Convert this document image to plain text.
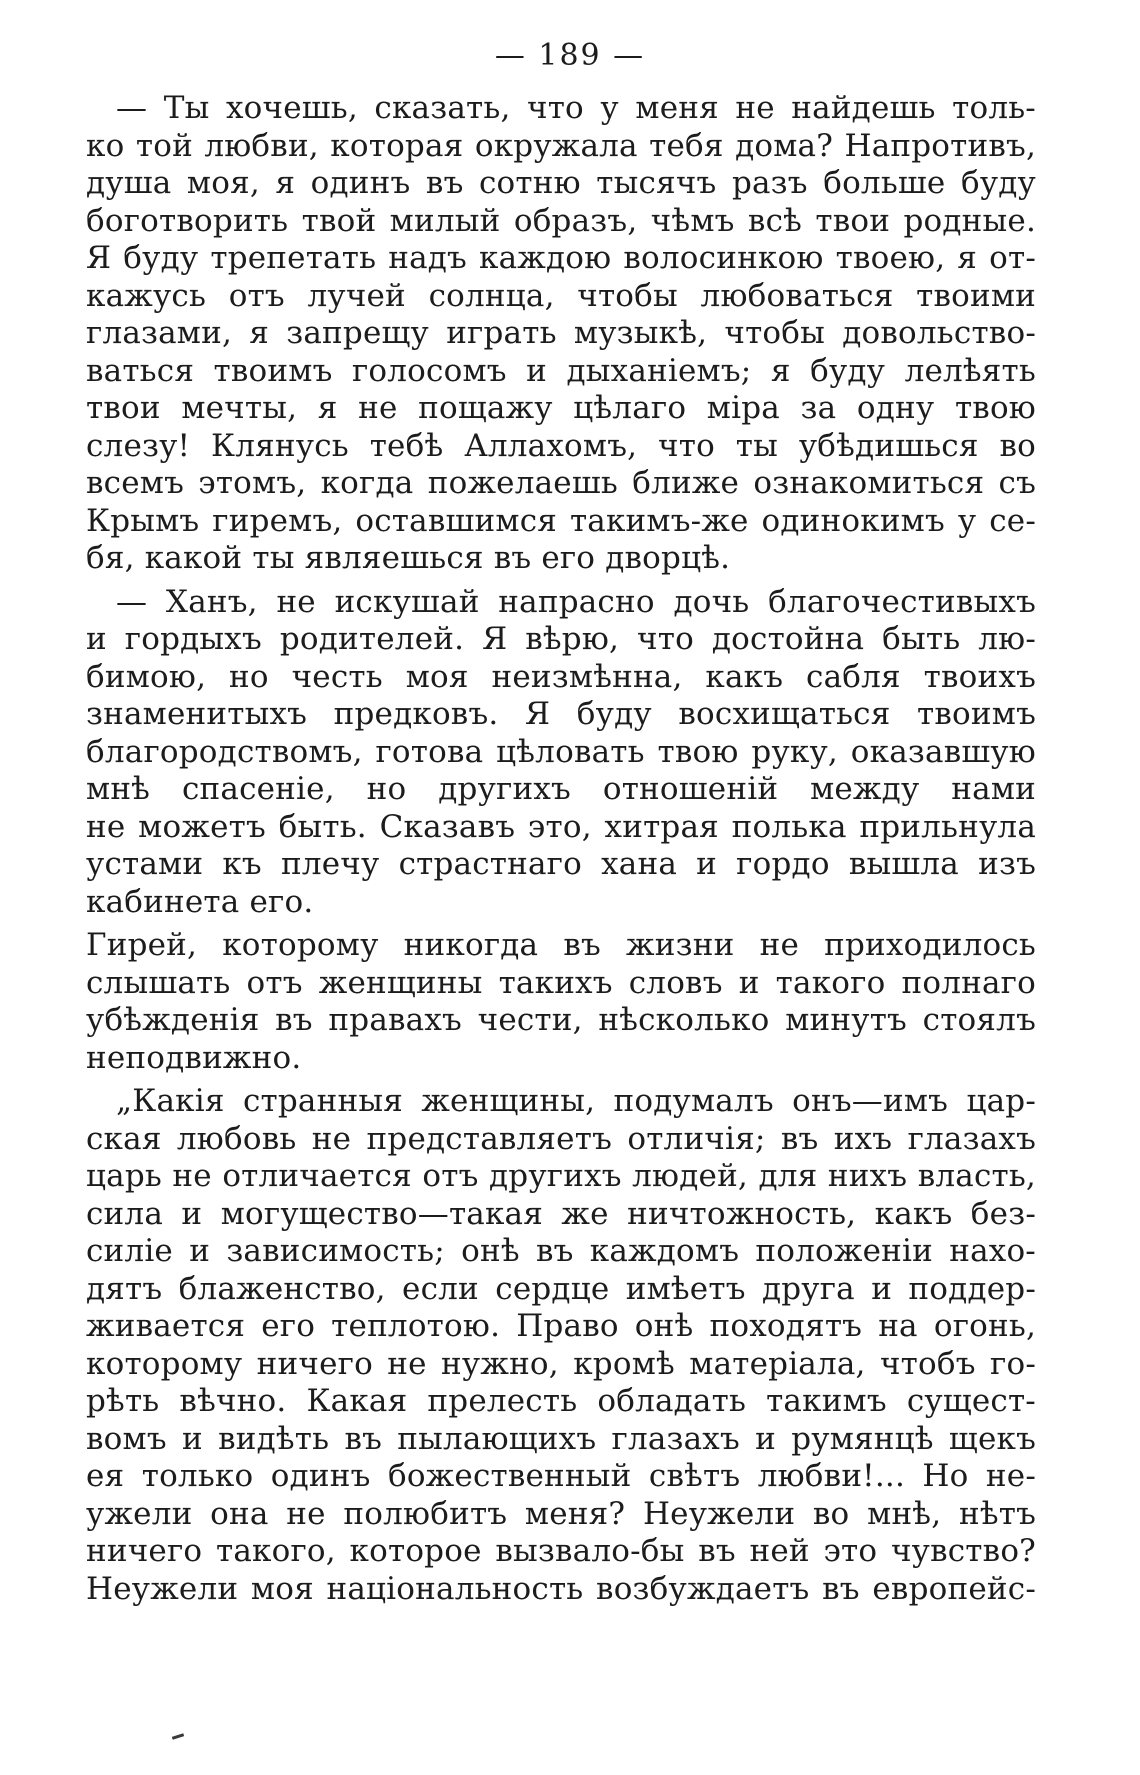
— 189 —
— Ты хочешь, сказать, что у меня не найдешь толь-
ко той любви, которая окружала тебя дома? Напротивъ,
душа моя, я одинъ въ сотню тысячъ разъ больше буду
боготворить твой милый образъ, чѣмъ всѣ твои родные.
Я буду трепетать надъ каждою волосинкою твоею, я от-
кажусь отъ лучей солнца, чтобы любоваться твоими
глазами, я запрещу играть музыкѣ, чтобы довольство-
ваться твоимъ голосомъ и дыханіемъ; я буду лелѣять
твои мечты, я не пощажу цѣлаго міра за одну твою
слезу! Клянусь тебѣ Аллахомъ, что ты убѣдишься во
всемъ этомъ, когда пожелаешь ближе ознакомиться съ
Крымъ гиремъ, оставшимся такимъ-же одинокимъ у се-
бя, какой ты являешься въ его дворцѣ.
— Ханъ, не искушай напрасно дочь благочестивыхъ
и гордыхъ родителей. Я вѣрю, что достойна быть лю-
бимою, но честь моя неизмѣнна, какъ сабля твоихъ
знаменитыхъ предковъ. Я буду восхищаться твоимъ
благородствомъ, готова цѣловать твою руку, оказавшую
мнѣ спасеніе, но другихъ отношеній между нами
не можетъ быть. Сказавъ это, хитрая полька прильнула
устами къ плечу страстнаго хана и гордо вышла изъ
кабинета его.
Гирей, которому никогда въ жизни не приходилось
слышать отъ женщины такихъ словъ и такого полнаго
убѣжденія въ правахъ чести, нѣсколько минутъ стоялъ
неподвижно.
„Какія странныя женщины, подумалъ онъ—имъ цар-
ская любовь не представляетъ отличія; въ ихъ глазахъ
царь не отличается отъ другихъ людей, для нихъ власть,
сила и могущество—такая же ничтожность, какъ без-
силіе и зависимость; онѣ въ каждомъ положеніи нахо-
дятъ блаженство, если сердце имѣетъ друга и поддер-
живается его теплотою. Право онѣ походятъ на огонь,
которому ничего не нужно, кромѣ матеріала, чтобъ го-
рѣть вѣчно. Какая прелесть обладать такимъ сущест-
вомъ и видѣть въ пылающихъ глазахъ и румянцѣ щекъ
ея только одинъ божественный свѣтъ любви!... Но не-
ужели она не полюбитъ меня? Неужели во мнѣ, нѣтъ
ничего такого, которое вызвало-бы въ ней это чувство?
Неужели моя національность возбуждаетъ въ европейс-
